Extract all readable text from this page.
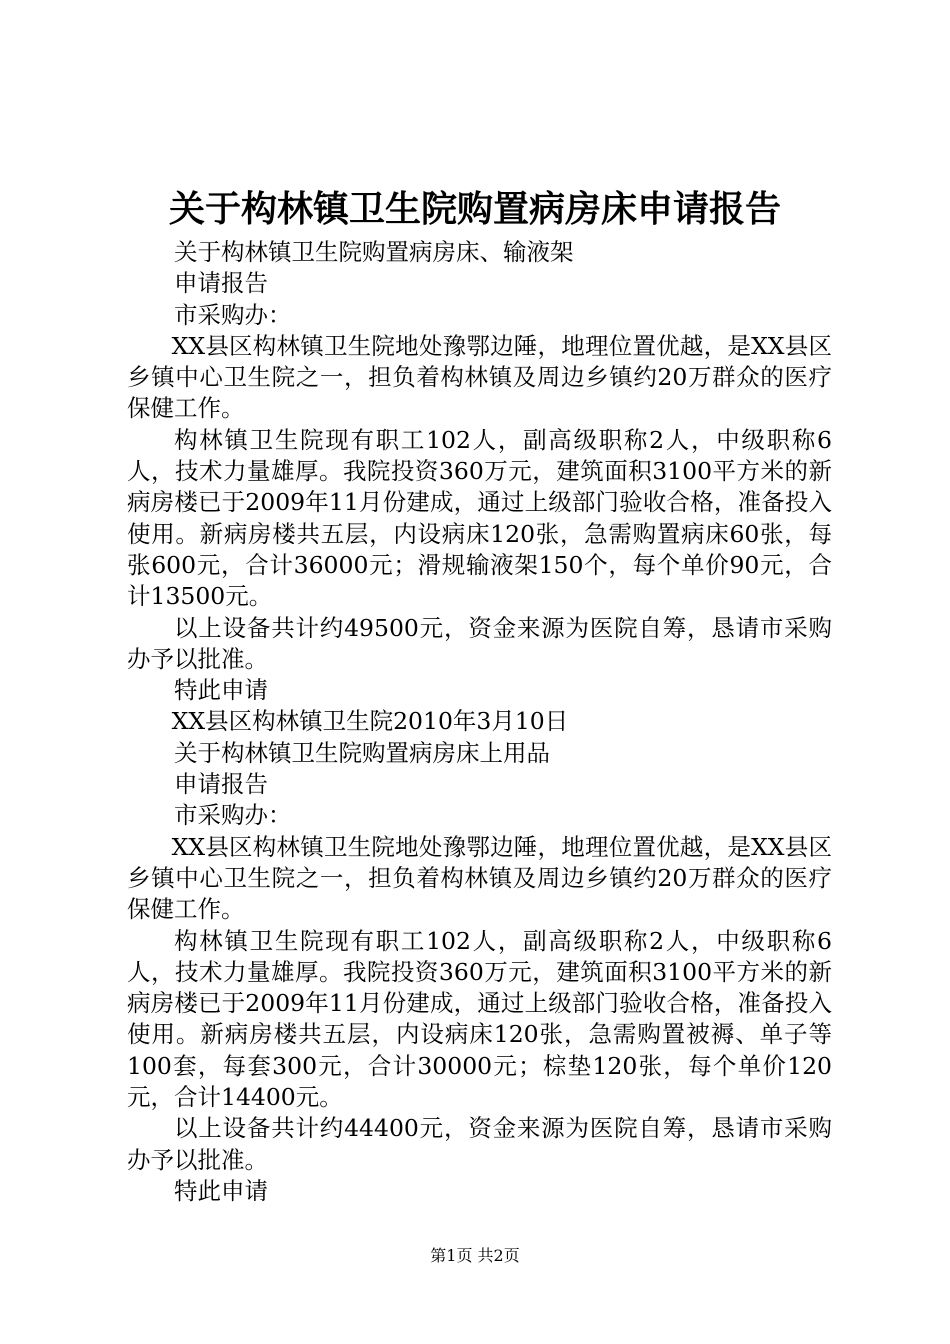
关于构林镇卫生院购置病房床申请报告

关于构林镇卫生院购置病房床、输液架

申请报告

市采购办：

XX县区构林镇卫生院地处豫鄂边陲，地理位置优越，是XX县区乡镇中心卫生院之一，担负着构林镇及周边乡镇约20万群众的医疗保健工作。

构林镇卫生院现有职工102人，副高级职称2人，中级职称6人，技术力量雄厚。我院投资360万元，建筑面积3100平方米的新病房楼已于2009年11月份建成，通过上级部门验收合格，准备投入使用。新病房楼共五层，内设病床120张，急需购置病床60张，每张600元，合计36000元；滑规输液架150个，每个单价90元，合计13500元。

以上设备共计约49500元，资金来源为医院自筹，恳请市采购办予以批准。

特此申请

XX县区构林镇卫生院2010年3月10日

关于构林镇卫生院购置病房床上用品

申请报告

市采购办：

XX县区构林镇卫生院地处豫鄂边陲，地理位置优越，是XX县区乡镇中心卫生院之一，担负着构林镇及周边乡镇约20万群众的医疗保健工作。

构林镇卫生院现有职工102人，副高级职称2人，中级职称6人，技术力量雄厚。我院投资360万元，建筑面积3100平方米的新病房楼已于2009年11月份建成，通过上级部门验收合格，准备投入使用。新病房楼共五层，内设病床120张，急需购置被褥、单子等100套，每套300元，合计30000元；棕垫120张，每个单价120元，合计14400元。

以上设备共计约44400元，资金来源为医院自筹，恳请市采购办予以批准。

特此申请

第1页 共2页
